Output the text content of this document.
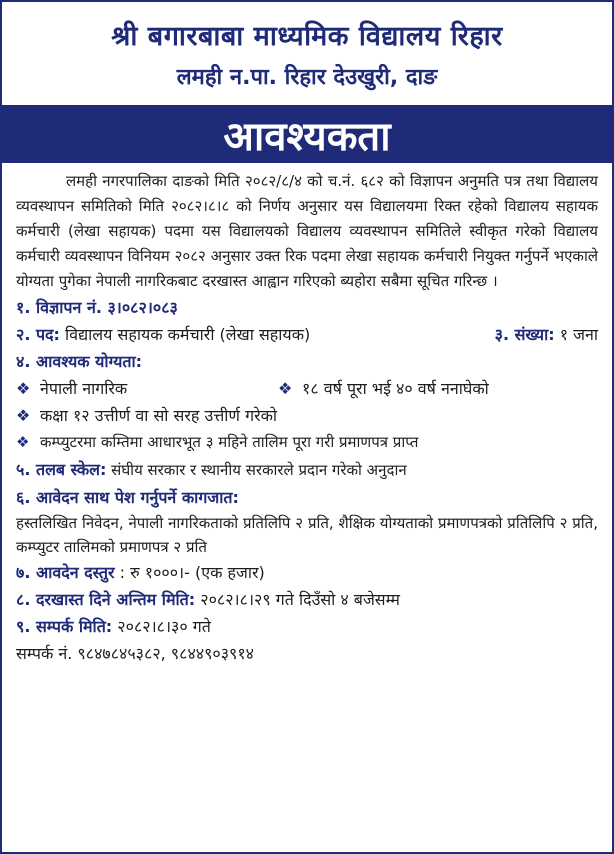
श्री बगारबाबा माध्यमिक विद्यालय रिहार
लमही न.पा. रिहार देउखुरी, दाङ
आवश्यकता
लमही नगरपालिका दाङको मिति २०८२/८/४ को च.नं. ६८२ को विज्ञापन अनुमति पत्र तथा विद्यालय व्यवस्थापन समितिको मिति २०८२।८।८ को निर्णय अनुसार यस विद्यालयमा रिक्त रहेको विद्यालय सहायक कर्मचारी (लेखा सहायक) पदमा यस विद्यालयको विद्यालय व्यवस्थापन समितिले स्वीकृत गरेको विद्यालय कर्मचारी व्यवस्थापन विनियम २०८२ अनुसार उक्त रिक पदमा लेखा सहायक कर्मचारी नियुक्त गर्नुपर्ने भएकाले योग्यता पुगेका नेपाली नागरिकबाट दरखास्त आह्वान गरिएको ब्यहोरा सबैमा सूचित गरिन्छ ।
१. विज्ञापन नं. ३।०८२।०८३
२. पद: विद्यालय सहायक कर्मचारी (लेखा सहायक)	३. संख्या: १ जना
४. आवश्यक योग्यता:
❖ नेपाली नागरिक	❖ १८ वर्ष पूरा भई ४० वर्ष ननाघेको
❖ कक्षा १२ उत्तीर्ण वा सो सरह उत्तीर्ण गरेको
❖ कम्प्युटरमा कम्तिमा आधारभूत ३ महिने तालिम पूरा गरी प्रमाणपत्र प्राप्त
५. तलब स्केल: संघीय सरकार र स्थानीय सरकारले प्रदान गरेको अनुदान
६. आवेदन साथ पेश गर्नुपर्ने कागजात:
हस्तलिखित निवेदन, नेपाली नागरिकताको प्रतिलिपि २ प्रति, शैक्षिक योग्यताको प्रमाणपत्रको प्रतिलिपि २ प्रति, कम्प्युटर तालिमको प्रमाणपत्र २ प्रति
७. आवदेन दस्तुर : रु १०००।- (एक हजार)
८. दरखास्त दिने अन्तिम मिति: २०८२।८।२९ गते दिउँसो ४ बजेसम्म
९. सम्पर्क मिति: २०८२।८।३० गते
सम्पर्क नं. ९८४७८४५३८२, ९८४४९०३९१४
